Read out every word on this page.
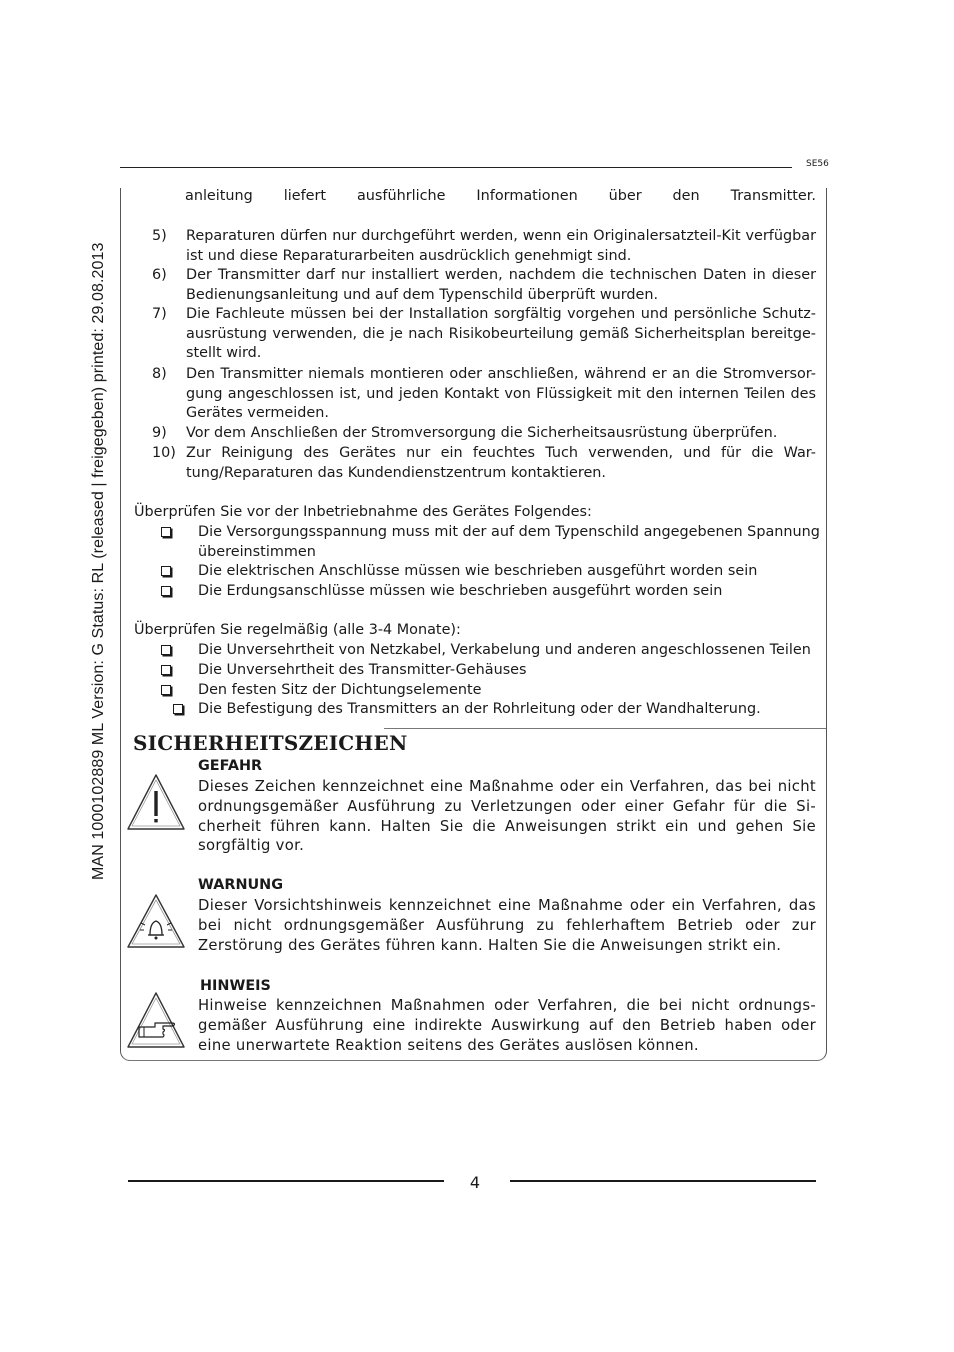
MAN 1000102889 ML Version: G Status: RL (released | freigegeben) printed: 29.08.2013
SE56
anleitung liefert ausführliche Informationen über den Transmitter.
5) Reparaturen dürfen nur durchgeführt werden, wenn ein Originalersatzteil-Kit verfügbar ist und diese Reparaturarbeiten ausdrücklich genehmigt sind.
6) Der Transmitter darf nur installiert werden, nachdem die technischen Daten in dieser Bedienungsanleitung und auf dem Typenschild überprüft wurden.
7) Die Fachleute müssen bei der Installation sorgfältig vorgehen und persönliche Schutz-ausrüstung verwenden, die je nach Risikobeurteilung gemäß Sicherheitsplan bereitge-stellt wird.
8) Den Transmitter niemals montieren oder anschließen, während er an die Stromversor-gung angeschlossen ist, und jeden Kontakt von Flüssigkeit mit den internen Teilen des Gerätes vermeiden.
9) Vor dem Anschließen der Stromversorgung die Sicherheitsausrüstung überprüfen.
10) Zur Reinigung des Gerätes nur ein feuchtes Tuch verwenden, und für die War-tung/Reparaturen das Kundendienstzentrum kontaktieren.
Überprüfen Sie vor der Inbetriebnahme des Gerätes Folgendes:
Die Versorgungsspannung muss mit der auf dem Typenschild angegebenen Spannung übereinstimmen
Die elektrischen Anschlüsse müssen wie beschrieben ausgeführt worden sein
Die Erdungsanschlüsse müssen wie beschrieben ausgeführt worden sein
Überprüfen Sie regelmäßig (alle 3-4 Monate):
Die Unversehrtheit von Netzkabel, Verkabelung und anderen angeschlossenen Teilen
Die Unversehrtheit des Transmitter-Gehäuses
Den festen Sitz der Dichtungselemente
Die Befestigung des Transmitters an der Rohrleitung oder der Wandhalterung.
SICHERHEITSZEICHEN
GEFAHR
Dieses Zeichen kennzeichnet eine Maßnahme oder ein Verfahren, das bei nicht ordnungsgemäßer Ausführung zu Verletzungen oder einer Gefahr für die Si-cherheit führen kann. Halten Sie die Anweisungen strikt ein und gehen Sie sorgfältig vor.
WARNUNG
Dieser Vorsichtshinweis kennzeichnet eine Maßnahme oder ein Verfahren, das bei nicht ordnungsgemäßer Ausführung zu fehlerhaftem Betrieb oder zur Zerstörung des Gerätes führen kann. Halten Sie die Anweisungen strikt ein.
HINWEIS
Hinweise kennzeichnen Maßnahmen oder Verfahren, die bei nicht ordnungs-gemäßer Ausführung eine indirekte Auswirkung auf den Betrieb haben oder eine unerwartete Reaktion seitens des Gerätes auslösen können.
4
